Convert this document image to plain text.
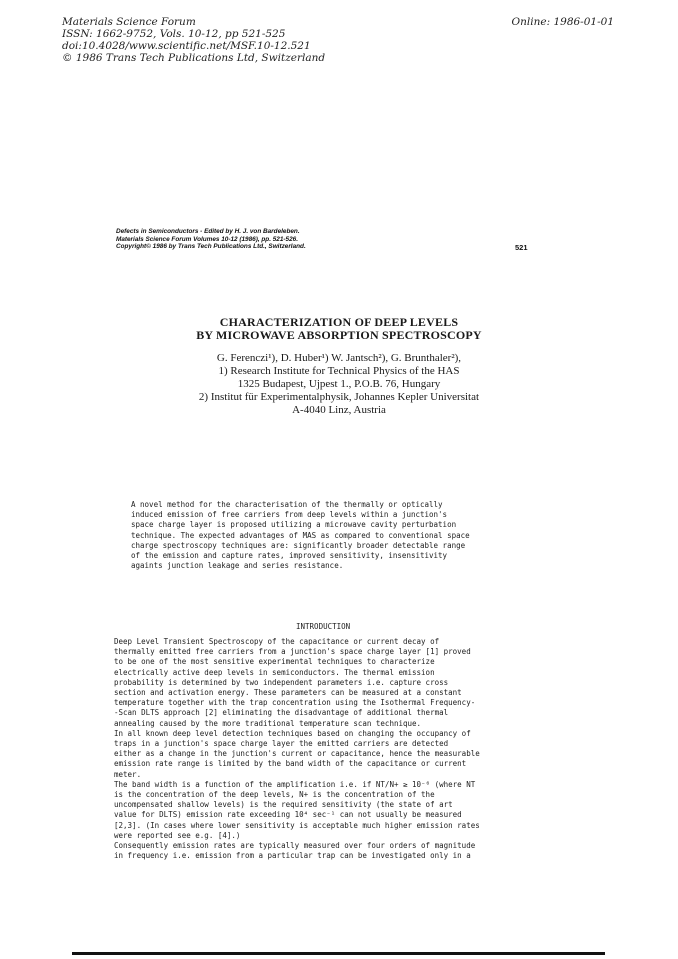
Materials Science Forum
ISSN: 1662-9752, Vols. 10-12, pp 521-525
doi:10.4028/www.scientific.net/MSF.10-12.521
© 1986 Trans Tech Publications Ltd, Switzerland
Online: 1986-01-01
Defects in Semiconductors - Edited by H. J. von Bardeleben.
Materials Science Forum Volumes 10-12 (1986), pp. 521-526.
Copyright© 1986 by Trans Tech Publications Ltd., Switzerland.	521
CHARACTERIZATION OF DEEP LEVELS
BY MICROWAVE ABSORPTION SPECTROSCOPY
G. Ferenczi¹), D. Huber¹) W. Jantsch²), G. Brunthaler²),
1) Research Institute for Technical Physics of the HAS
1325 Budapest, Ujpest 1., P.O.B. 76, Hungary
2) Institut für Experimentalphysik, Johannes Kepler Universitat
A-4040 Linz, Austria
A novel method for the characterisation of the thermally or optically
induced emission of free carriers from deep levels within a junction's
space charge layer is proposed utilizing a microwave cavity perturbation
technique. The expected advantages of MAS as compared to conventional space
charge spectroscopy techniques are: significantly broader detectable range
of the emission and capture rates, improved sensitivity, insensitivity
againts junction leakage and series resistance.
INTRODUCTION
Deep Level Transient Spectroscopy of the capacitance or current decay of
thermally emitted free carriers from a junction's space charge layer [1] proved
to be one of the most sensitive experimental techniques to characterize
electrically active deep levels in semiconductors. The thermal emission
probability is determined by two independent parameters i.e. capture cross
section and activation energy. These parameters can be measured at a constant
temperature together with the trap concentration using the Isothermal Frequency-
-Scan DLTS approach [2] eliminating the disadvantage of additional thermal
annealing caused by the more traditional temperature scan technique.
In all known deep level detection techniques based on changing the occupancy of
traps in a junction's space charge layer the emitted carriers are detected
either as a change in the junction's current or capacitance, hence the measurable
emission rate range is limited by the band width of the capacitance or current
meter.
The band width is a function of the amplification i.e. if NT/N+ ≥ 10⁻⁶ (where NT
is the concentration of the deep levels, N+ is the concentration of the
uncompensated shallow levels) is the required sensitivity (the state of art
value for DLTS) emission rate exceeding 10⁴ sec⁻¹ can not usually be measured
[2,3]. (In cases where lower sensitivity is acceptable much higher emission rates
were reported see e.g. [4].)
Consequently emission rates are typically measured over four orders of magnitude
in frequency i.e. emission from a particular trap can be investigated only in a
